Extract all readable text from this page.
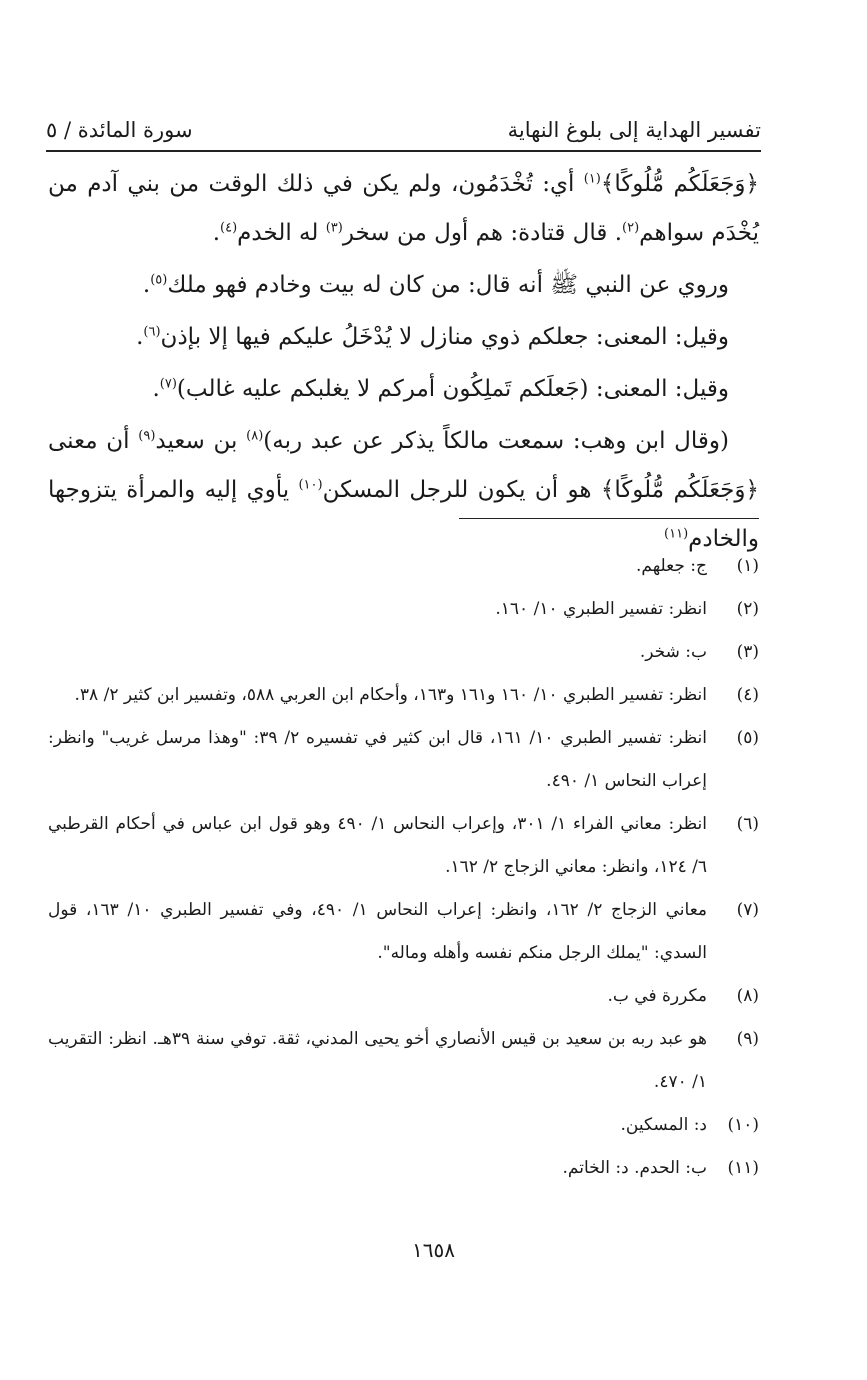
تفسير الهداية إلى بلوغ النهاية
سورة المائدة / ٥

﴿وَجَعَلَكُم مُّلُوكًا﴾$^{(١)}$ أي: تُخْدَمُون، ولم يكن في ذلك الوقت من بني آدم من يُخْدَم سواهم$^{(٢)}$. قال قتادة: هم أول من سخر$^{(٣)}$ له الخدم$^{(٤)}$.

وروي عن النبي ﷺ أنه قال: من كان له بيت وخادم فهو ملك$^{(٥)}$.

وقيل: المعنى: جعلكم ذوي منازل لا يُدْخَلُ عليكم فيها إلا بإذن$^{(٦)}$.

وقيل: المعنى: (جَعلَكم تَملِكُون أمركم لا يغلبكم عليه غالب)$^{(٧)}$.

(وقال ابن وهب: سمعت مالكاً يذكر عن عبد ربه)$^{(٨)}$ بن سعيد$^{(٩)}$ أن معنى ﴿وَجَعَلَكُم مُّلُوكًا﴾ هو أن يكون للرجل المسكن$^{(١٠)}$ يأوي إليه والمرأة يتزوجها والخادم$^{(١١)}$

(١)
ج: جعلهم.
(٢)
انظر: تفسير الطبري ١٠/ ١٦٠.
(٣)
ب: شخر.
(٤)
انظر: تفسير الطبري ١٠/ ١٦٠ و١٦١ و١٦٣، وأحكام ابن العربي ٥٨٨، وتفسير ابن كثير ٢/ ٣٨.
(٥)
انظر: تفسير الطبري ١٠/ ١٦١، قال ابن كثير في تفسيره ٢/ ٣٩: "وهذا مرسل غريب" وانظر: إعراب النحاس ١/ ٤٩٠.
(٦)
انظر: معاني الفراء ١/ ٣٠١، وإعراب النحاس ١/ ٤٩٠ وهو قول ابن عباس في أحكام القرطبي ٦/ ١٢٤، وانظر: معاني الزجاج ٢/ ١٦٢.
(٧)
معاني الزجاج ٢/ ١٦٢، وانظر: إعراب النحاس ١/ ٤٩٠، وفي تفسير الطبري ١٠/ ١٦٣، قول السدي: "يملك الرجل منكم نفسه وأهله وماله".
(٨)
مكررة في ب.
(٩)
هو عبد ربه بن سعيد بن قيس الأنصاري أخو يحيى المدني، ثقة. توفي سنة ٣٩هـ. انظر: التقريب ١/ ٤٧٠.
(١٠)
د: المسكين.
(١١)
ب: الحدم. د: الخاتم.
١٦٥٨
